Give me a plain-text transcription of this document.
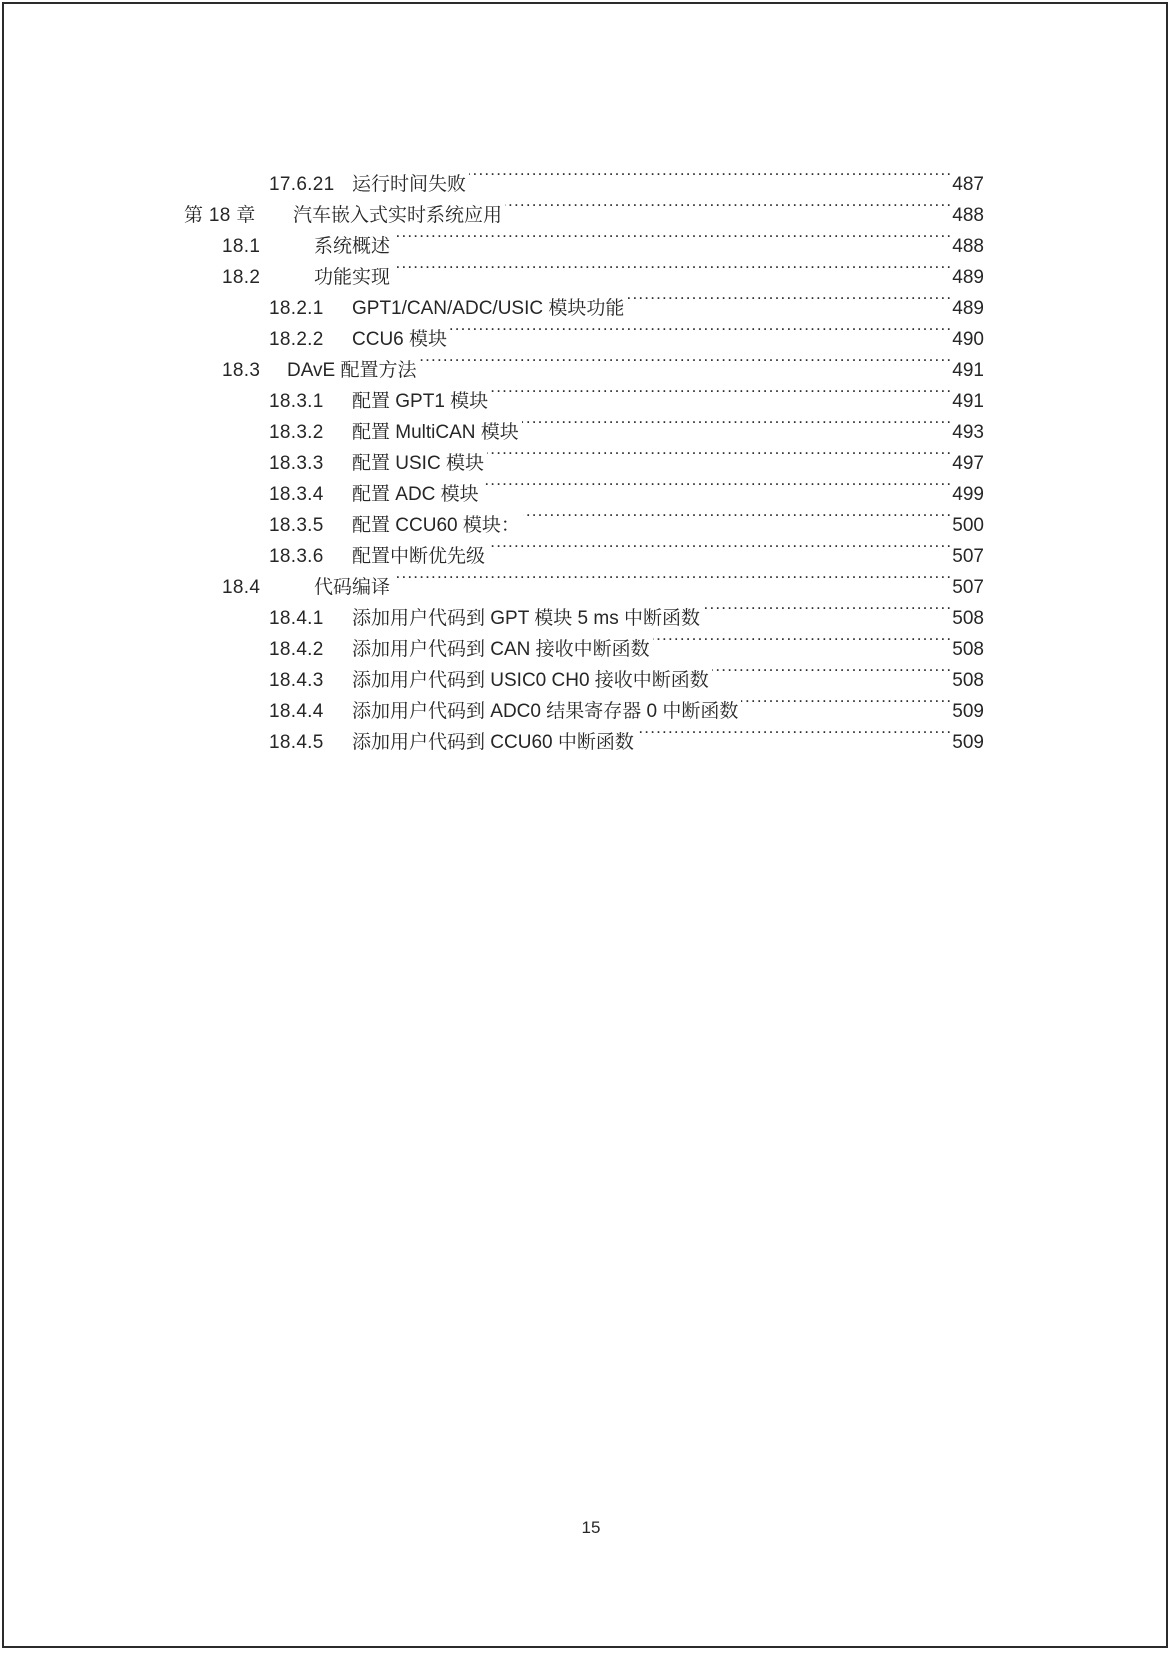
17.6.21 运行时间失败 .....	487
第 18 章	汽车嵌入式实时系统应用 .....	488
18.1	系统概述 .....	488
18.2	功能实现 .....	489
18.2.1	GPT1/CAN/ADC/USIC 模块功能 .....	489
18.2.2	CCU6 模块 .....	490
18.3	DAvE 配置方法 .....	491
18.3.1	配置 GPT1 模块 .....	491
18.3.2	配置 MultiCAN 模块 .....	493
18.3.3	配置 USIC 模块 .....	497
18.3.4	配置 ADC 模块 .....	499
18.3.5	配置 CCU60 模块： .....	500
18.3.6	配置中断优先级 .....	507
18.4	代码编译 .....	507
18.4.1	添加用户代码到 GPT 模块 5 ms 中断函数 .....	508
18.4.2	添加用户代码到 CAN 接收中断函数 .....	508
18.4.3	添加用户代码到 USIC0 CH0 接收中断函数 .....	508
18.4.4	添加用户代码到 ADC0 结果寄存器 0 中断函数 .....	509
18.4.5	添加用户代码到 CCU60 中断函数 .....	509
15
